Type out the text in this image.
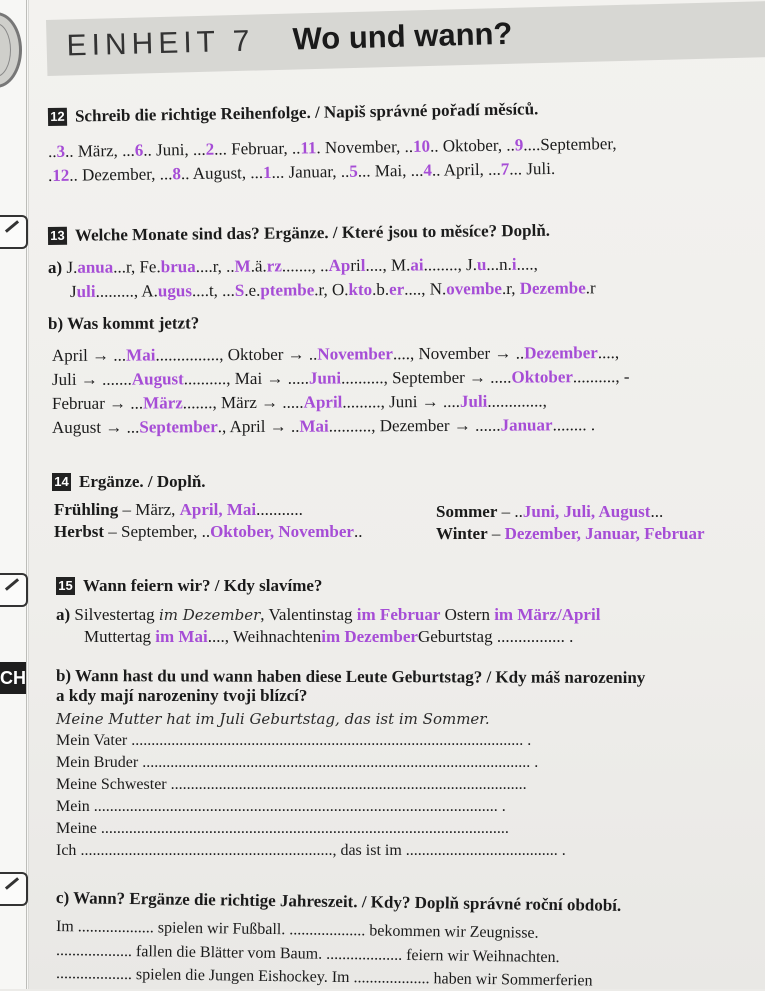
EINHEIT 7 Wo und wann?
12 Schreib die richtige Reihenfolge. / Napiš správné pořadí měsíců.
..3.. März, ...6.. Juni, ...2... Februar, ..11. November, ..10.. Oktober, ..9....September,
.12.. Dezember, ...8.. August, ...1... Januar, ..5... Mai, ...4.. April, ...7... Juli.
13 Welche Monate sind das? Ergänze. / Které jsou to měsíce? Doplň.
a) J.anua...r, Fe.brua....r, ..M.ä.rz......., ..April...., M.ai........, J.u...n.i....,
Juli........., A.ugus....t, ...S.e.ptembe.r, O.kto.b.er...., N.ovembe.r, Dezembe.r
b) Was kommt jetzt?
April → ...Mai..............., Oktober → ..November...., November → ..Dezember....,
Juli → .......August.........., Mai → .....Juni.........., September → .....Oktober.........., -
Februar → ...März......., März → .....April........., Juni → ....Juli.............,
August → ...September., April → ..Mai.........., Dezember → ......Januar........ .
14 Ergänze. / Doplň.
Frühling – März, April, Mai...........
Herbst – September, ..Oktober, November..
Sommer – ..Juni, Juli, August...
Winter – Dezember, Januar, Februar
15 Wann feiern wir? / Kdy slavíme?
a) Silvestertag im Dezember, Valentinstag im Februar Ostern im März/April
Muttertag im Mai...., Weihnachtenim DezemberGeburtstag ................ .
CH b) Wann hast du und wann haben diese Leute Geburtstag? / Kdy máš narozeniny
a kdy mají narozeniny tvoji blízcí?
Meine Mutter hat im Juli Geburtstag, das ist im Sommer.
Mein Vater .................................................................................................. .
Mein Bruder ................................................................................................. .
Meine Schwester .........................................................................................
Mein ..................................................................................................... .
Meine ......................................................................................................
Ich ..............................................................., das ist im ...................................... .
c) Wann? Ergänze die richtige Jahreszeit. / Kdy? Doplň správné roční období.
Im ................... spielen wir Fußball. ................... bekommen wir Zeugnisse.
................... fallen die Blätter vom Baum. ................... feiern wir Weihnachten.
................... spielen die Jungen Eishockey. Im ................... haben wir Sommerferien
